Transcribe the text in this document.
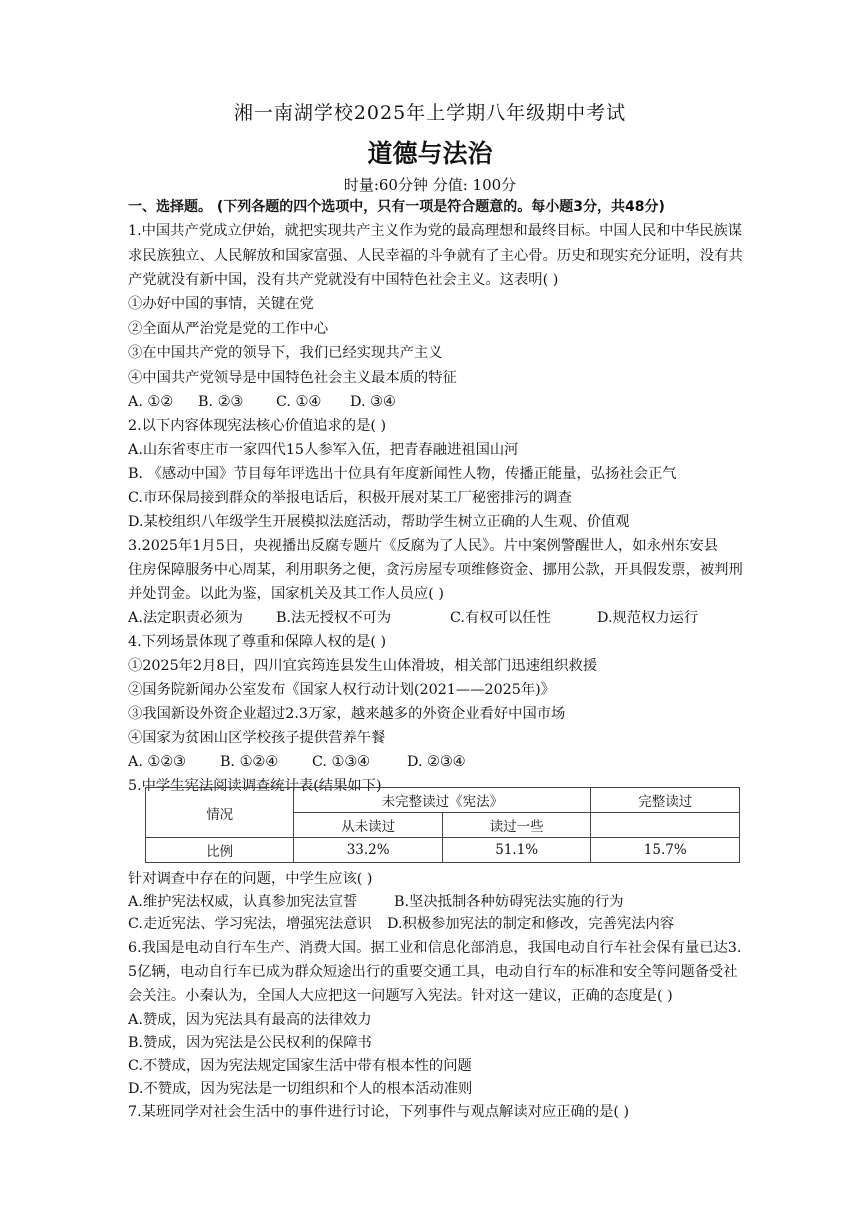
湘一南湖学校2025年上学期八年级期中考试
道德与法治
时量:60分钟 分值: 100分
一、选择题。 (下列各题的四个选项中，只有一项是符合题意的。每小题3分，共48分)
1.中国共产党成立伊始，就把实现共产主义作为党的最高理想和最终目标。中国人民和中华民族谋
求民族独立、人民解放和国家富强、人民幸福的斗争就有了主心骨。历史和现实充分证明，没有共
产党就没有新中国，没有共产党就没有中国特色社会主义。这表明( )
①办好中国的事情，关键在党
②全面从严治党是党的工作中心
③在中国共产党的领导下，我们已经实现共产主义
④中国共产党领导是中国特色社会主义最本质的特征
A. ①② B. ②③ C. ①④ D. ③④
2.以下内容体现宪法核心价值追求的是( )
A.山东省枣庄市一家四代15人参军入伍，把青春融进祖国山河
B. 《感动中国》节目每年评选出十位具有年度新闻性人物，传播正能量，弘扬社会正气
C.市环保局接到群众的举报电话后，积极开展对某工厂秘密排污的调查
D.某校组织八年级学生开展模拟法庭活动，帮助学生树立正确的人生观、价值观
3.2025年1月5日，央视播出反腐专题片《反腐为了人民》。片中案例警醒世人，如永州东安县
住房保障服务中心周某，利用职务之便，贪污房屋专项维修资金、挪用公款，开具假发票，被判刑
并处罚金。以此为鉴，国家机关及其工作人员应( )
A.法定职责必须为 B.法无授权不可为	C.有权可以任性	D.规范权力运行
4.下列场景体现了尊重和保障人权的是( )
①2025年2月8日，四川宜宾筠连县发生山体滑坡，相关部门迅速组织救援
②国务院新闻办公室发布《国家人权行动计划(2021——2025年)》
③我国新设外资企业超过2.3万家，越来越多的外资企业看好中国市场
④国家为贫困山区学校孩子提供营养午餐
A. ①②③ B. ①②④ C. ①③④	D. ②③④
5.中学生宪法阅读调查统计表(结果如下)
情况	未完整读过《宪法》		完整读过
	从未读过	读过一些	
比例	33.2%	51.1%	15.7%
针对调查中存在的问题，中学生应该( )
A.维护宪法权威，认真参加宪法宣誓	B.坚决抵制各种妨碍宪法实施的行为
C.走近宪法、学习宪法，增强宪法意识 D.积极参加宪法的制定和修改，完善宪法内容
6.我国是电动自行车生产、消费大国。据工业和信息化部消息，我国电动自行车社会保有量已达3.
5亿辆，电动自行车已成为群众短途出行的重要交通工具，电动自行车的标准和安全等问题备受社
会关注。小秦认为，全国人大应把这一问题写入宪法。针对这一建议，正确的态度是( )
A.赞成，因为宪法具有最高的法律效力
B.赞成，因为宪法是公民权利的保障书
C.不赞成，因为宪法规定国家生活中带有根本性的问题
D.不赞成，因为宪法是一切组织和个人的根本活动准则
7.某班同学对社会生活中的事件进行讨论，下列事件与观点解读对应正确的是( )
